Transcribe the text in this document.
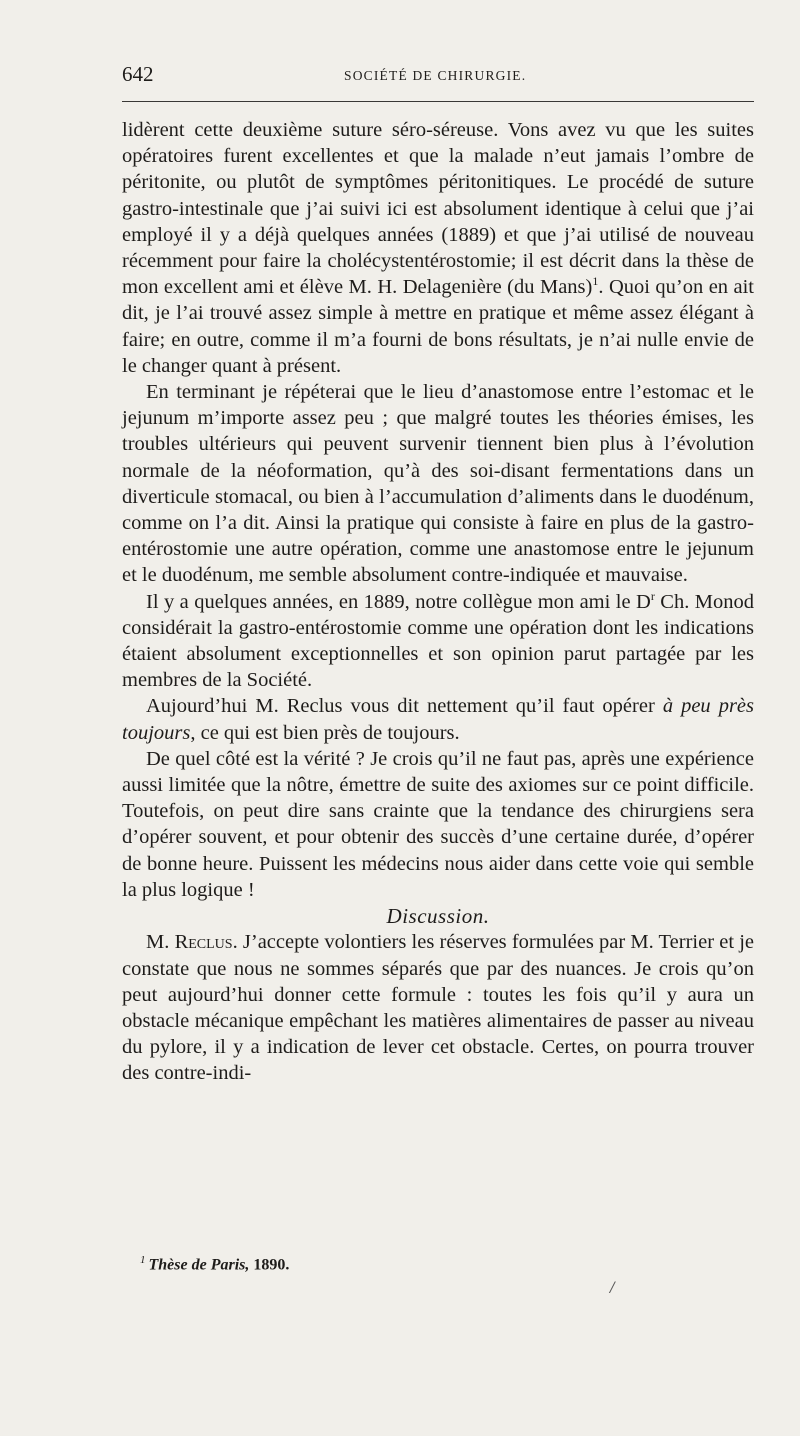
642	SOCIÉTÉ DE CHIRURGIE.

lidèrent cette deuxième suture séro-séreuse. Vons avez vu que les suites opératoires furent excellentes et que la malade n’eut jamais l’ombre de péritonite, ou plutôt de symptômes péritonitiques. Le procédé de suture gastro-intestinale que j’ai suivi ici est absolument identique à celui que j’ai employé il y a déjà quelques années (1889) et que j’ai utilisé de nouveau récemment pour faire la cholécystentérostomie; il est décrit dans la thèse de mon excellent ami et élève M. H. Delagenière (du Mans)$^1$. Quoi qu’on en ait dit, je l’ai trouvé assez simple à mettre en pratique et même assez élégant à faire; en outre, comme il m’a fourni de bons résultats, je n’ai nulle envie de le changer quant à présent.

En terminant je répéterai que le lieu d’anastomose entre l’estomac et le jejunum m’importe assez peu ; que malgré toutes les théories émises, les troubles ultérieurs qui peuvent survenir tiennent bien plus à l’évolution normale de la néoformation, qu’à des soi-disant fermentations dans un diverticule stomacal, ou bien à l’accumulation d’aliments dans le duodénum, comme on l’a dit. Ainsi la pratique qui consiste à faire en plus de la gastro-entérostomie une autre opération, comme une anastomose entre le jejunum et le duodénum, me semble absolument contre-indiquée et mauvaise.

Il y a quelques années, en 1889, notre collègue mon ami le $D^r$ Ch. Monod considérait la gastro-entérostomie comme une opération dont les indications étaient absolument exceptionnelles et son opinion parut partagée par les membres de la Société.

Aujourd’hui M. Reclus vous dit nettement qu’il faut opérer à peu près toujours, ce qui est bien près de toujours.

De quel côté est la vérité ? Je crois qu’il ne faut pas, après une expérience aussi limitée que la nôtre, émettre de suite des axiomes sur ce point difficile. Toutefois, on peut dire sans crainte que la tendance des chirurgiens sera d’opérer souvent, et pour obtenir des succès d’une certaine durée, d’opérer de bonne heure. Puissent les médecins nous aider dans cette voie qui semble la plus logique !

Discussion.

M. Reclus. J’accepte volontiers les réserves formulées par M. Terrier et je constate que nous ne sommes séparés que par des nuances. Je crois qu’on peut aujourd’hui donner cette formule : toutes les fois qu’il y aura un obstacle mécanique empêchant les matières alimentaires de passer au niveau du pylore, il y a indication de lever cet obstacle. Certes, on pourra trouver des contre-indi-

$^1$ Thèse de Paris, 1890.
/
